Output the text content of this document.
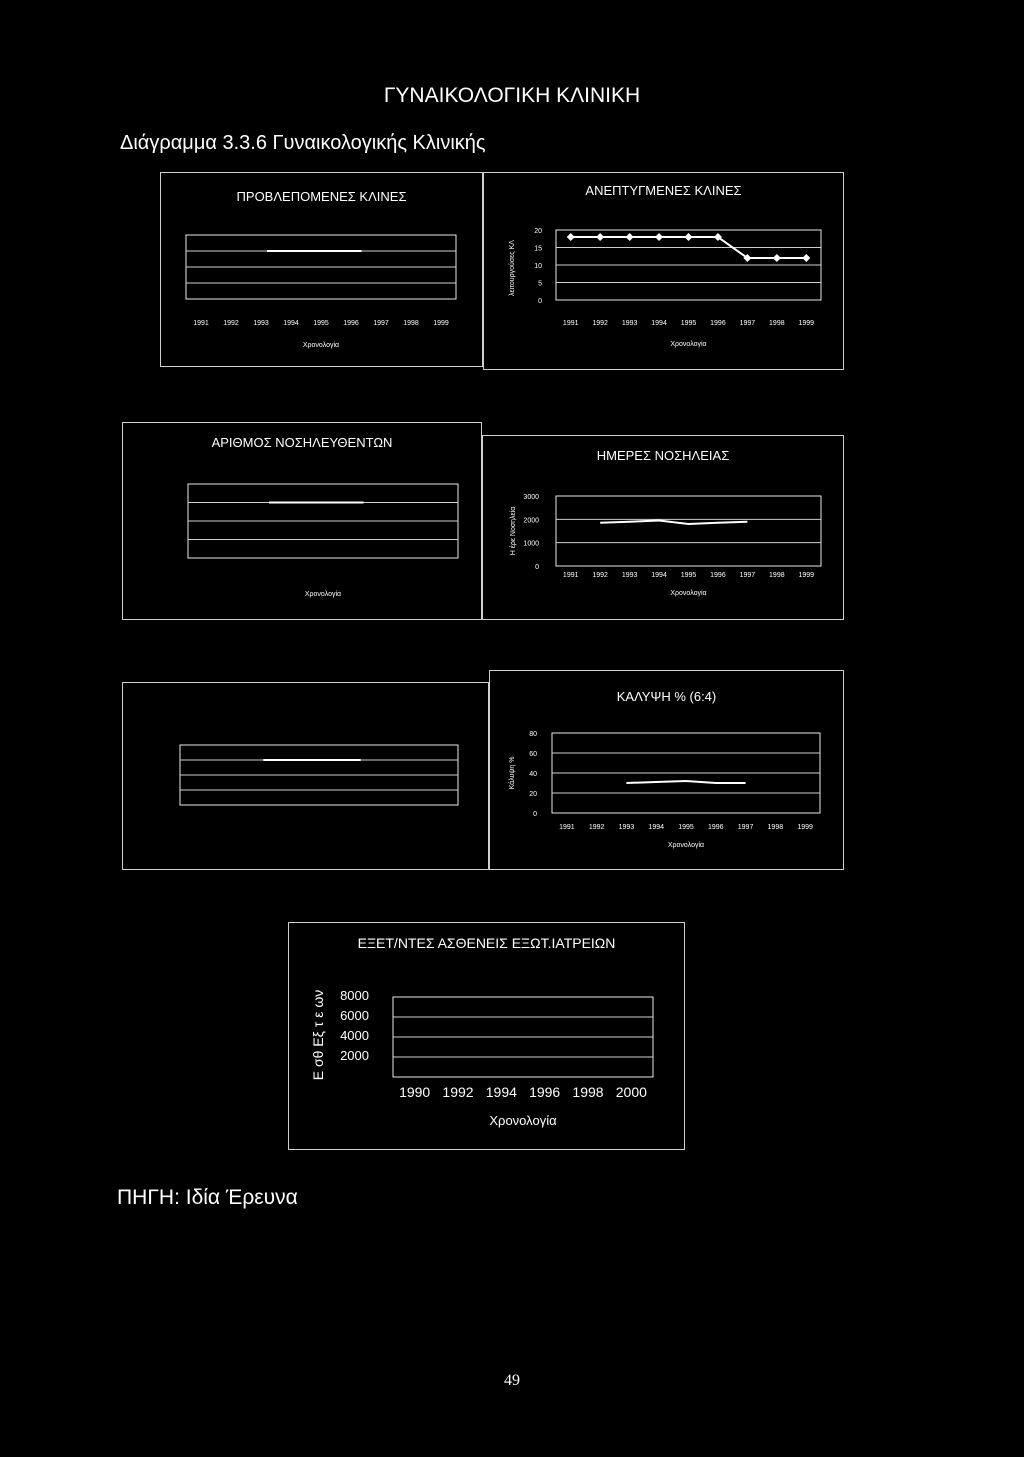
ΓΥΝΑΙΚΟΛΟΓΙΚΗ ΚΛΙΝΙΚΗ
Διάγραμμα 3.3.6 Γυναικολογικής Κλινικής
ΠΡΟΒΛΕΠΟΜΕΝΕΣ ΚΛΙΝΕΣ
1991 1992 1993 1994 1995 1996 1997 1998 1999
Χρονολογία
ΑΝΕΠΤΥΓΜΕΝΕΣ ΚΛΙΝΕΣ
0
5
10
15
20
1991 1992 1993 1994 1995 1996 1997 1998 1999
Χρονολογία
λειτουργούσες ΚΛ
ΑΡΙΘΜΟΣ ΝΟΣΗΛΕΥΘΕΝΤΩΝ
Χρονολογία
ΗΜΕΡΕΣ ΝΟΣΗΛΕΙΑΣ
0
1000
2000
3000
1991 1992 1993 1994 1995 1996 1997 1998 1999
Χρονολογία
Η έρε Νοσηλεία
ΚΑΛΥΨΗ % (6:4)
0
20
40
60
80
1991 1992 1993 1994 1995 1996 1997 1998 1999
Χρονολογία
Κάλυψη %
ΕΞΕΤ/ΝΤΕΣ ΑΣΘΕΝΕΙΣ ΕΞΩΤ.ΙΑΤΡΕΙΩΝ
2000
4000
6000
8000
1990 1992 1994 1996 1998 2000
Χρονολογία
Ε σθ Εξ τ ε ων
ΠΗΓΗ: Ιδία Έρευνα
49
